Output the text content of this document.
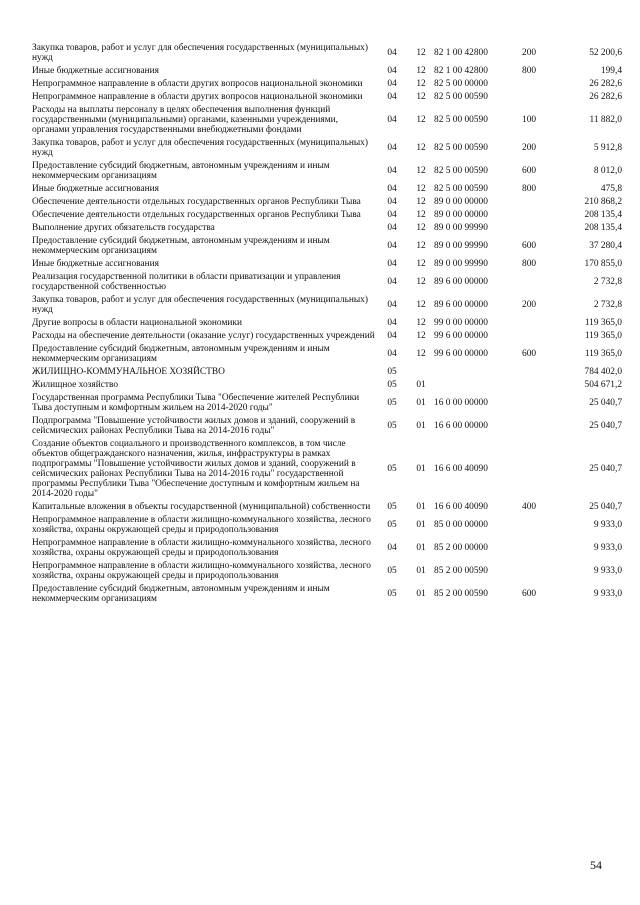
Закупка товаров, работ и услуг для обеспечения государственных (муниципальных) нужд	04	12	82 1 00 42800	200	52 200,6
Иные бюджетные ассигнования	04	12	82 1 00 42800	800	199,4
Непрограммное направление в области других вопросов национальной экономики	04	12	82 5 00 00000		26 282,6
Непрограммное направление в области других вопросов национальной экономики	04	12	82 5 00 00590		26 282,6
Расходы на выплаты персоналу в целях обеспечения выполнения функций государственными (муниципальными) органами, казенными учреждениями, органами управления государственными внебюджетными фондами	04	12	82 5 00 00590	100	11 882,0
Закупка товаров, работ и услуг для обеспечения государственных (муниципальных) нужд	04	12	82 5 00 00590	200	5 912,8
Предоставление субсидий бюджетным, автономным учреждениям и иным некоммерческим организациям	04	12	82 5 00 00590	600	8 012,0
Иные бюджетные ассигнования	04	12	82 5 00 00590	800	475,8
Обеспечение деятельности отдельных государственных органов Республики Тыва	04	12	89 0 00 00000		210 868,2
Обеспечение деятельности отдельных государственных органов Республики Тыва	04	12	89 0 00 00000		208 135,4
Выполнение других обязательств государства	04	12	89 0 00 99990		208 135,4
Предоставление субсидий бюджетным, автономным учреждениям и иным некоммерческим организациям	04	12	89 0 00 99990	600	37 280,4
Иные бюджетные ассигнования	04	12	89 0 00 99990	800	170 855,0
Реализация государственной политики в области приватизации и управления государственной собственностью	04	12	89 6 00 00000		2 732,8
Закупка товаров, работ и услуг для обеспечения государственных (муниципальных) нужд	04	12	89 6 00 00000	200	2 732,8
Другие вопросы в области национальной экономики	04	12	99 0 00 00000		119 365,0
Расходы на обеспечение деятельности (оказание услуг) государственных учреждений	04	12	99 6 00 00000		119 365,0
Предоставление субсидий бюджетным, автономным учреждениям и иным некоммерческим организациям	04	12	99 6 00 00000	600	119 365,0
ЖИЛИЩНО-КОММУНАЛЬНОЕ ХОЗЯЙСТВО	05				784 402,0
Жилищное хозяйство	05	01			504 671,2
Государственная программа Республики Тыва "Обеспечение жителей Республики Тыва доступным и комфортным жильем на 2014-2020 годы"	05	01	16 0 00 00000		25 040,7
Подпрограмма "Повышение устойчивости жилых домов и зданий, сооружений в сейсмических районах Республики Тыва на 2014-2016 годы"	05	01	16 6 00 00000		25 040,7
Создание объектов социального и производственного комплексов, в том числе объектов общегражданского назначения, жилья, инфраструктуры в рамках подпрограммы "Повышение устойчивости жилых домов и зданий, сооружений в сейсмических районах Республики Тыва на 2014-2016 годы" государственной программы Республики Тыва "Обеспечение доступным и комфортным жильем на 2014-2020 годы"	05	01	16 6 00 40090		25 040,7
Капитальные вложения в объекты государственной (муниципальной) собственности	05	01	16 6 00 40090	400	25 040,7
Непрограммное направление в области жилищно-коммунального хозяйства, лесного хозяйства, охраны окружающей среды и природопользования	05	01	85 0 00 00000		9 933,0
Непрограммное направление в области жилищно-коммунального хозяйства, лесного хозяйства, охраны окружающей среды и природопользования	04	01	85 2 00 00000		9 933,0
Непрограммное направление в области жилищно-коммунального хозяйства, лесного хозяйства, охраны окружающей среды и природопользования	05	01	85 2 00 00590		9 933,0
Предоставление субсидий бюджетным, автономным учреждениям и иным некоммерческим организациям	05	01	85 2 00 00590	600	9 933,0
54
